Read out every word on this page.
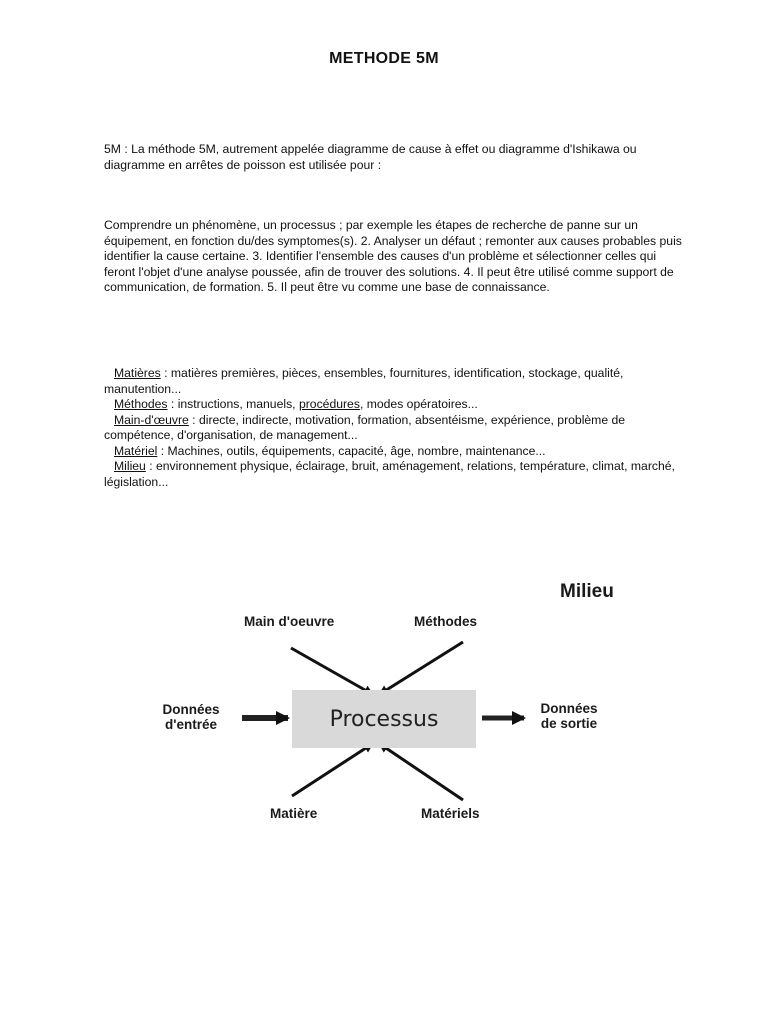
METHODE 5M
5M : La méthode 5M, autrement appelée diagramme de cause à effet ou diagramme d'Ishikawa ou diagramme en arrêtes de poisson est utilisée pour :
Comprendre un phénomène, un processus ; par exemple les étapes de recherche de panne sur un équipement, en fonction du/des symptomes(s). 2. Analyser un défaut ; remonter aux causes probables puis identifier la cause certaine. 3. Identifier l'ensemble des causes d'un problème et sélectionner celles qui feront l'objet d'une analyse poussée, afin de trouver des solutions. 4. Il peut être utilisé comme support de communication, de formation. 5. Il peut être vu comme une base de connaissance.
Matières : matières premières, pièces, ensembles, fournitures, identification, stockage, qualité, manutention...
Méthodes : instructions, manuels, procédures, modes opératoires...
Main-d'œuvre : directe, indirecte, motivation, formation, absentéisme, expérience, problème de compétence, d'organisation, de management...
Matériel : Machines, outils, équipements, capacité, âge, nombre, maintenance...
Milieu : environnement physique, éclairage, bruit, aménagement, relations, température, climat, marché, législation...
Milieu
Main d'oeuvre	Méthodes
Données
d'entrée	Processus	Données
de sortie
Matière	Matériels
